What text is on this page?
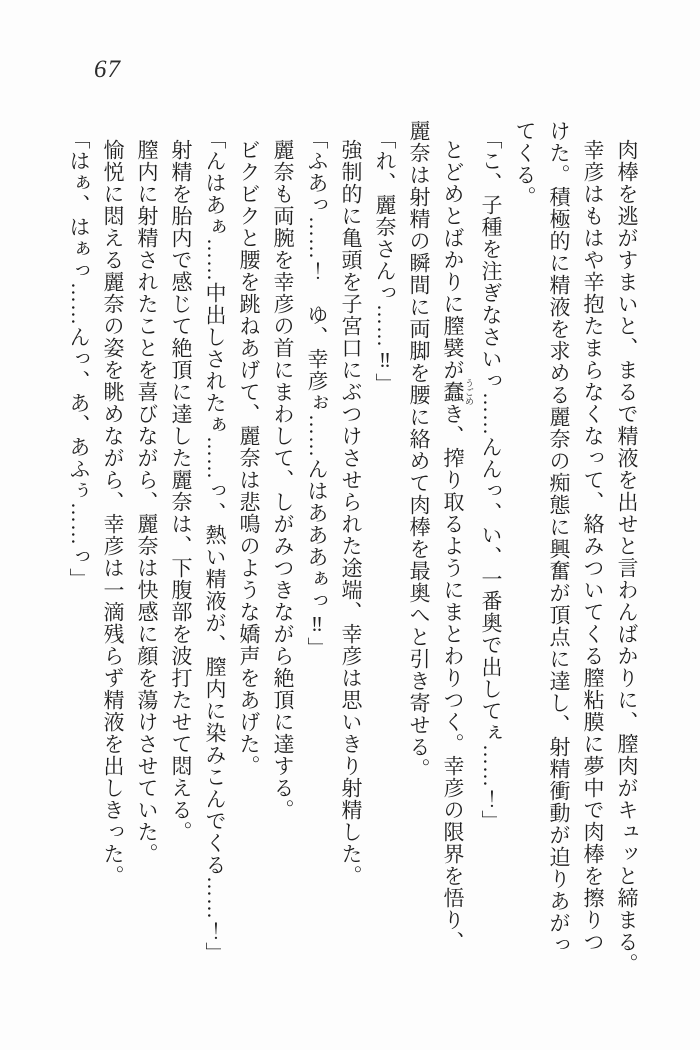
67

肉棒を逃がすまいと、まるで精液を出せと言わんばかりに、膣肉がキュッと締まる。

幸彦はもはや辛抱たまらなくなって、絡みついてくる膣粘膜に夢中で肉棒を擦りつ

けた。積極的に精液を求める麗奈の痴態に興奮が頂点に達し、射精衝動が迫りあがっ

てくる。

「こ、子種を注ぎなさいっ……んんっ、い、一番奥で出してぇ……！」

とどめとばかりに膣襞が蠢 うごめき、搾り取るようにまとわりつく。幸彦の限界を悟り、

麗奈は射精の瞬間に両脚を腰に絡めて肉棒を最奥へと引き寄せる。

「れ、麗奈さんっ……‼」

強制的に亀頭を子宮口にぶつけさせられた途端、幸彦は思いきり射精した。

「ふあっ……！　ゆ、幸彦ぉ……んはあああぁっ‼」

麗奈も両腕を幸彦の首にまわして、しがみつきながら絶頂に達する。

ビクビクと腰を跳ねあげて、麗奈は悲鳴のような嬌声をあげた。

「んはあぁ……中出しされたぁ……っ、熱い精液が、膣内に染みこんでくる……！」

射精を胎内で感じて絶頂に達した麗奈は、下腹部を波打たせて悶える。

膣内に射精されたことを喜びながら、麗奈は快感に顔を蕩けさせていた。

愉悦に悶える麗奈の姿を眺めながら、幸彦は一滴残らず精液を出しきった。

「はぁ、はぁっ……んっ、あ、あふぅ……っ」
